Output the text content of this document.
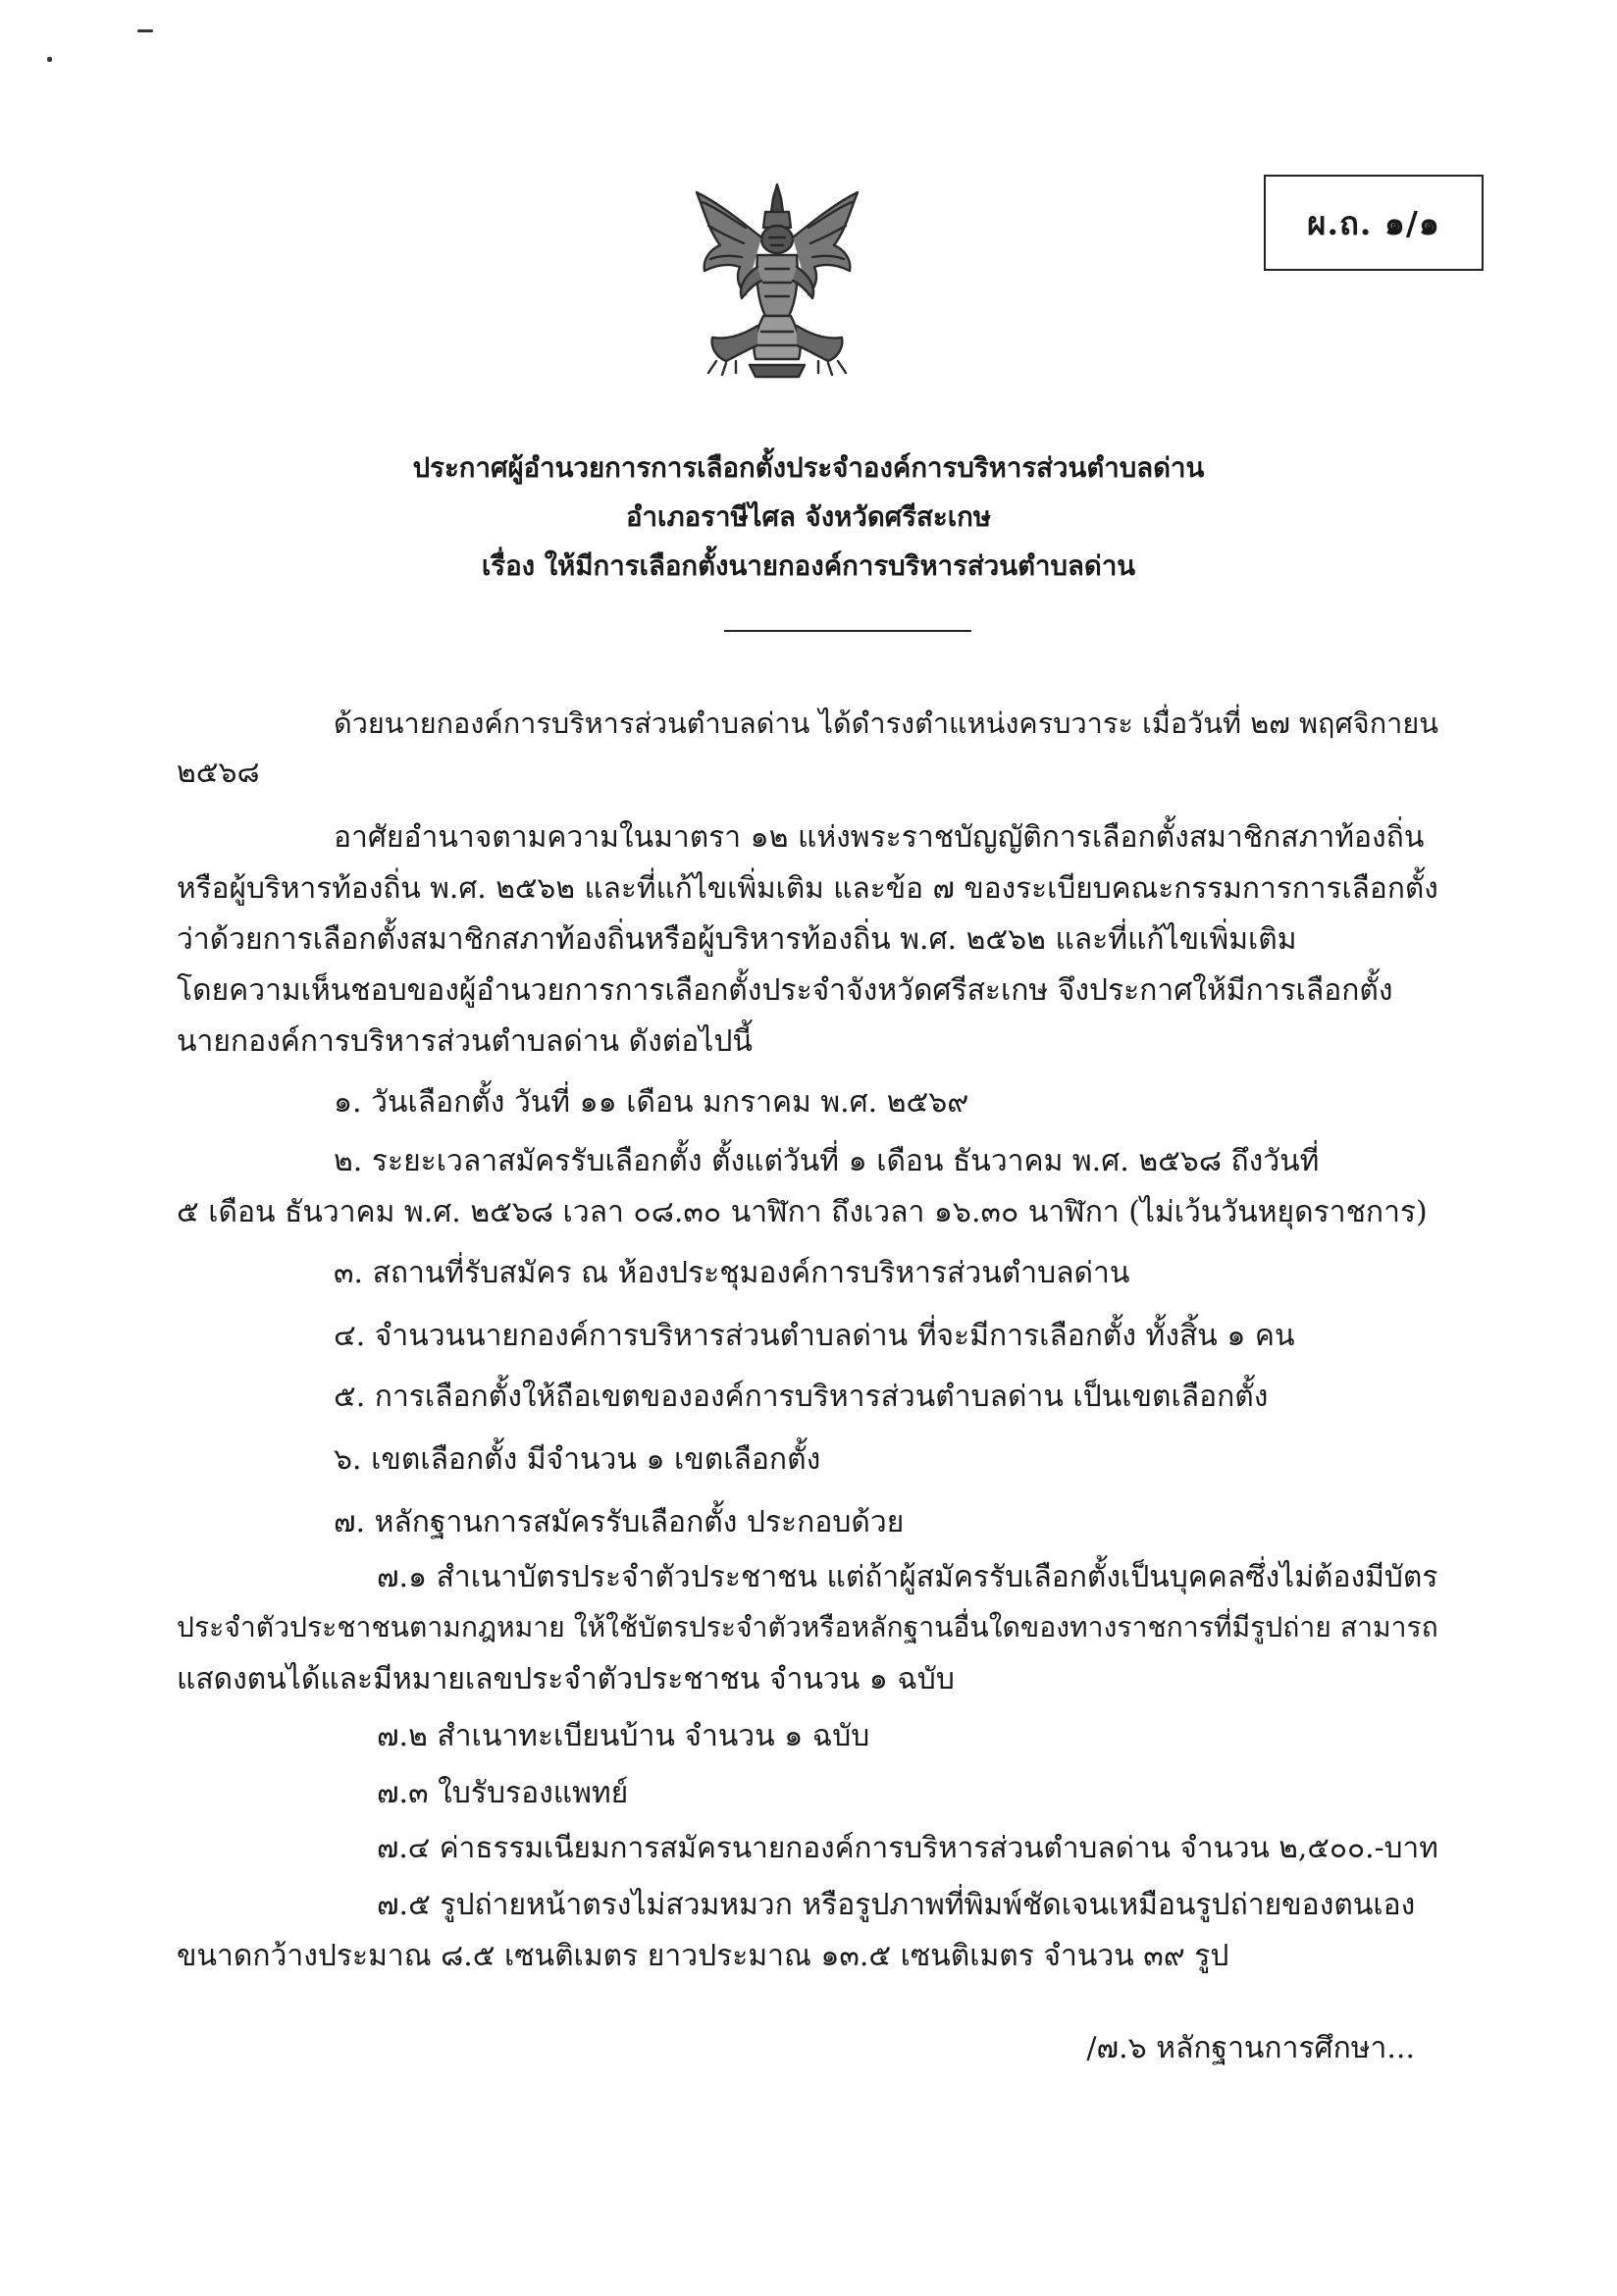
ผ.ถ. ๑/๑
ประกาศผู้อำนวยการการเลือกตั้งประจำองค์การบริหารส่วนตำบลด่าน
อำเภอราษีไศล จังหวัดศรีสะเกษ
เรื่อง ให้มีการเลือกตั้งนายกองค์การบริหารส่วนตำบลด่าน
ด้วยนายกองค์การบริหารส่วนตำบลด่าน ได้ดำรงตำแหน่งครบวาระ เมื่อวันที่ ๒๗ พฤศจิกายน
๒๕๖๘
อาศัยอำนาจตามความในมาตรา ๑๒ แห่งพระราชบัญญัติการเลือกตั้งสมาชิกสภาท้องถิ่น
หรือผู้บริหารท้องถิ่น พ.ศ. ๒๕๖๒ และที่แก้ไขเพิ่มเติม และข้อ ๗ ของระเบียบคณะกรรมการการเลือกตั้ง
ว่าด้วยการเลือกตั้งสมาชิกสภาท้องถิ่นหรือผู้บริหารท้องถิ่น พ.ศ. ๒๕๖๒ และที่แก้ไขเพิ่มเติม
โดยความเห็นชอบของผู้อำนวยการการเลือกตั้งประจำจังหวัดศรีสะเกษ จึงประกาศให้มีการเลือกตั้ง
นายกองค์การบริหารส่วนตำบลด่าน ดังต่อไปนี้
๑. วันเลือกตั้ง วันที่ ๑๑ เดือน มกราคม พ.ศ. ๒๕๖๙
๒. ระยะเวลาสมัครรับเลือกตั้ง ตั้งแต่วันที่ ๑ เดือน ธันวาคม พ.ศ. ๒๕๖๘ ถึงวันที่
๕ เดือน ธันวาคม พ.ศ. ๒๕๖๘ เวลา ๐๘.๓๐ นาฬิกา ถึงเวลา ๑๖.๓๐ นาฬิกา (ไม่เว้นวันหยุดราชการ)
๓. สถานที่รับสมัคร ณ ห้องประชุมองค์การบริหารส่วนตำบลด่าน
๔. จำนวนนายกองค์การบริหารส่วนตำบลด่าน ที่จะมีการเลือกตั้ง ทั้งสิ้น ๑ คน
๕. การเลือกตั้งให้ถือเขตขององค์การบริหารส่วนตำบลด่าน เป็นเขตเลือกตั้ง
๖. เขตเลือกตั้ง มีจำนวน ๑ เขตเลือกตั้ง
๗. หลักฐานการสมัครรับเลือกตั้ง ประกอบด้วย
๗.๑ สำเนาบัตรประจำตัวประชาชน แต่ถ้าผู้สมัครรับเลือกตั้งเป็นบุคคลซึ่งไม่ต้องมีบัตร
ประจำตัวประชาชนตามกฎหมาย ให้ใช้บัตรประจำตัวหรือหลักฐานอื่นใดของทางราชการที่มีรูปถ่าย สามารถ
แสดงตนได้และมีหมายเลขประจำตัวประชาชน จำนวน ๑ ฉบับ
๗.๒ สำเนาทะเบียนบ้าน จำนวน ๑ ฉบับ
๗.๓ ใบรับรองแพทย์
๗.๔ ค่าธรรมเนียมการสมัครนายกองค์การบริหารส่วนตำบลด่าน จำนวน ๒,๕๐๐.-บาท
๗.๕ รูปถ่ายหน้าตรงไม่สวมหมวก หรือรูปภาพที่พิมพ์ชัดเจนเหมือนรูปถ่ายของตนเอง
ขนาดกว้างประมาณ ๘.๕ เซนติเมตร ยาวประมาณ ๑๓.๕ เซนติเมตร จำนวน ๓๙ รูป
/๗.๖ หลักฐานการศึกษา...
